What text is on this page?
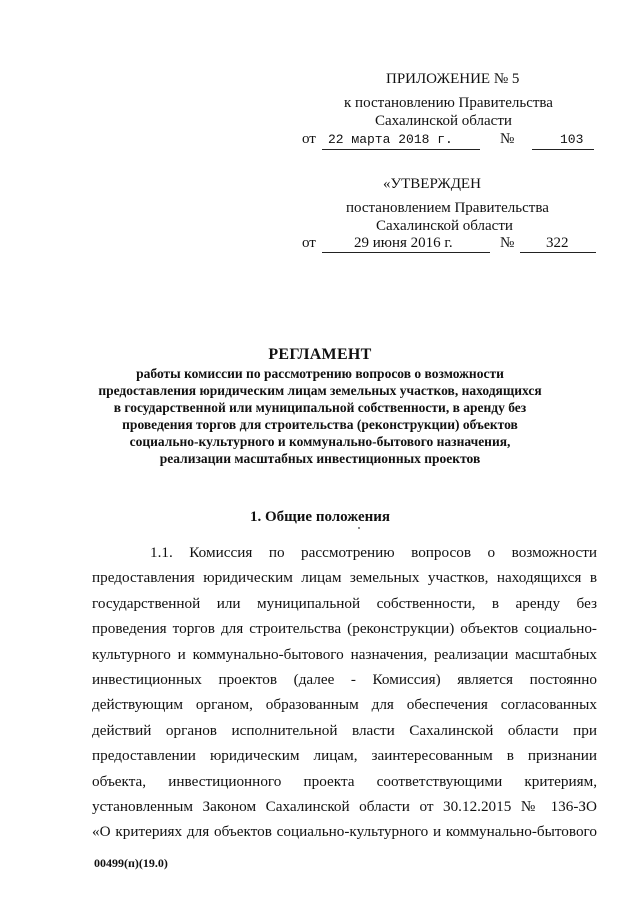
ПРИЛОЖЕНИЕ № 5
к постановлению Правительства
Сахалинской области
от 22 марта 2018 г.	№	103
«УТВЕРЖДЕН
постановлением Правительства
Сахалинской области
от	29 июня 2016 г.	№ 322
РЕГЛАМЕНТ
работы комиссии по рассмотрению вопросов о возможности
предоставления юридическим лицам земельных участков, находящихся
в государственной или муниципальной собственности, в аренду без
проведения торгов для строительства (реконструкции) объектов
социально-культурного и коммунально-бытового назначения,
реализации масштабных инвестиционных проектов
1. Общие положения
1.1. Комиссия по рассмотрению вопросов о возможности
предоставления юридическим лицам земельных участков, находящихся в
государственной или муниципальной собственности, в аренду без
проведения торгов для строительства (реконструкции) объектов социально-
культурного и коммунально-бытового назначения, реализации масштабных
инвестиционных проектов (далее - Комиссия) является постоянно
действующим органом, образованным для обеспечения согласованных
действий органов исполнительной власти Сахалинской области при
предоставлении юридическим лицам, заинтересованным в признании
объекта, инвестиционного проекта соответствующими критериям,
установленным Законом Сахалинской области от 30.12.2015 № 136-ЗО
«О критериях для объектов социально-культурного и коммунально-бытового
00499(п)(19.0)
